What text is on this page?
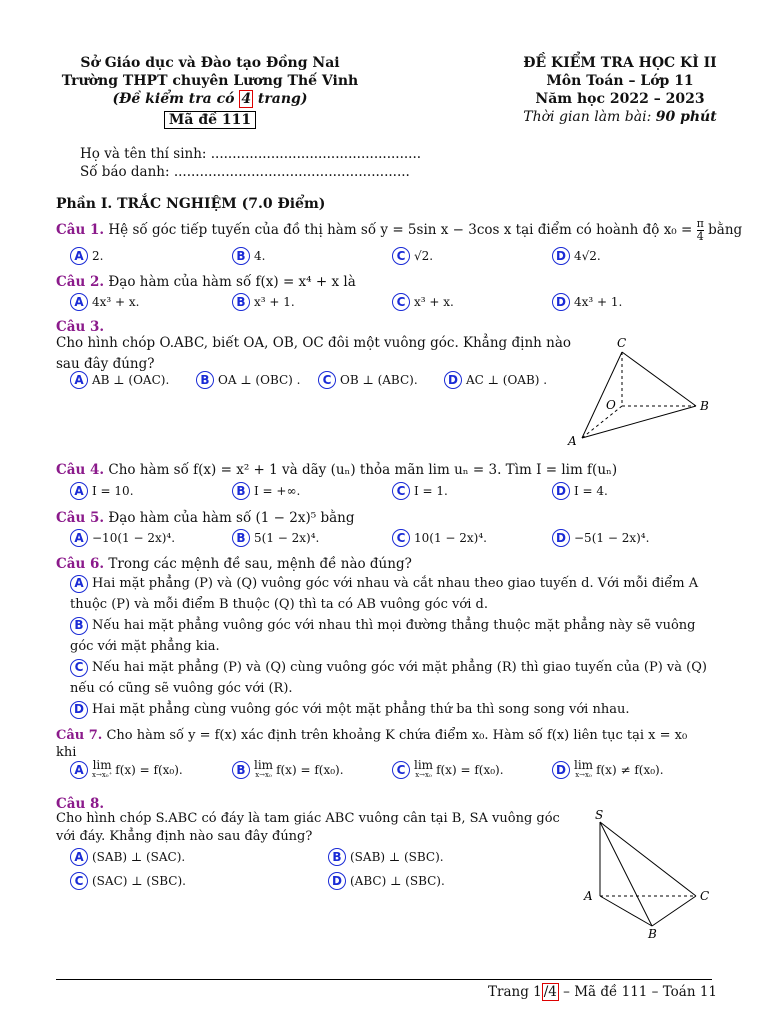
Sở Giáo dục và Đào tạo Đồng Nai
Trường THPT chuyên Lương Thế Vinh
(Đề kiểm tra có 4 trang)
Mã đề 111
ĐỀ KIỂM TRA HỌC KÌ II
Môn Toán – Lớp 11
Năm học 2022 – 2023
Thời gian làm bài: 90 phút
Họ và tên thí sinh: .................................................
Số báo danh: .......................................................
Phần I. TRẮC NGHIỆM (7.0 Điểm)
Câu 1. Hệ số góc tiếp tuyến của đồ thị hàm số y = 5sin x − 3cos x tại điểm có hoành độ $x_0 = \frac{\pi}{4}$ bằng
A 2.	B 4.	C √2.	D 4√2.
Câu 2. Đạo hàm của hàm số f(x) = x⁴ + x là
A 4x³ + x.	B x³ + 1.	C x³ + x.	D 4x³ + 1.
Câu 3.
Cho hình chóp O.ABC, biết OA, OB, OC đôi một vuông góc. Khẳng định nào
sau đây đúng?
A AB ⊥ (OAC).	B OA ⊥ (OBC) .	C OB ⊥ (ABC).	D AC ⊥ (OAB) .
C
O	B
A
Câu 4. Cho hàm số f(x) = x² + 1 và dãy (uₙ) thỏa mãn lim uₙ = 3. Tìm I = lim f(uₙ)
A I = 10.	B I = +∞.	C I = 1.	D I = 4.
Câu 5. Đạo hàm của hàm số (1 − 2x)⁵ bằng
A −10(1 − 2x)⁴.	B 5(1 − 2x)⁴.	C 10(1 − 2x)⁴.	D −5(1 − 2x)⁴.
Câu 6. Trong các mệnh đề sau, mệnh đề nào đúng?
A Hai mặt phẳng (P) và (Q) vuông góc với nhau và cắt nhau theo giao tuyến d. Với mỗi điểm A
thuộc (P) và mỗi điểm B thuộc (Q) thì ta có AB vuông góc với d.
B Nếu hai mặt phẳng vuông góc với nhau thì mọi đường thẳng thuộc mặt phẳng này sẽ vuông
góc với mặt phẳng kia.
C Nếu hai mặt phẳng (P) và (Q) cùng vuông góc với mặt phẳng (R) thì giao tuyến của (P) và (Q)
nếu có cũng sẽ vuông góc với (R).
D Hai mặt phẳng cùng vuông góc với một mặt phẳng thứ ba thì song song với nhau.
Câu 7. Cho hàm số y = f(x) xác định trên khoảng K chứa điểm x₀. Hàm số f(x) liên tục tại x = x₀
khi
A lim
x→x₀⁺ f(x) = f(x₀).	B lim
x→x₀ f(x) = f(x₀).	C lim
x→x₀ f(x) = f(x₀).	D lim
x→x₀ f(x) ≠ f(x₀).
Câu 8.
Cho hình chóp S.ABC có đáy là tam giác ABC vuông cân tại B, SA vuông góc
với đáy. Khẳng định nào sau đây đúng?
A (SAB) ⊥ (SAC).	B (SAB) ⊥ (SBC).
C (SAC) ⊥ (SBC).	D (ABC) ⊥ (SBC).
S
A	C
B
Trang 1 /4 – Mã đề 111 – Toán 11
